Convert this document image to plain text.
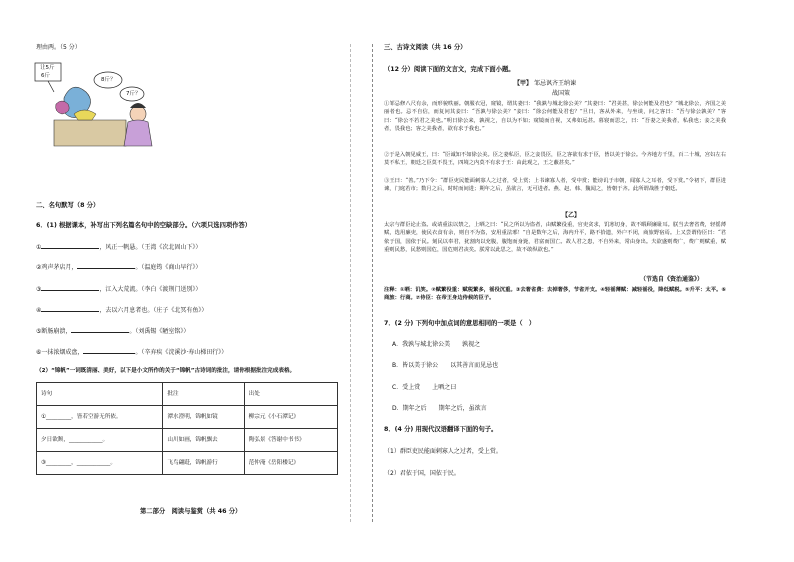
理由两。（5 分）
让5斤
6斤
8斤？
7斤？
二、名句默写（8 分）
6．(1) 根据课本，补写出下列名篇名句中的空缺部分。（六项只选四项作答）
①	，风正一帆悬。（王湾《次北固山下》）
②鸡声茅店月，	。（温庭筠《商山早行》）
③	，江入大荒流。（李白《渡荆门送别》）
④	，去以六月息者也。（庄子《北冥有鱼》）
⑤断肠崩溃，	。（刘禹锡《陋室铭》）
⑥一抹浓烟成盘，	。（辛弃疾《浣溪沙·寿山梯田行》）
（2）“锦帆”一词既清丽、美好，以下是小文所作的关于“锦帆”古诗词的批注，请你根据批注完成表格。
诗句	批注	出处
①_________，皆若空游无所依。	潭水澄明，锦帆如镜	柳宗元《小石潭记》
夕日欲颓，____________。	山川如画，锦帆飘去	陶弘景《答谢中书书》
③_________，____________。	飞鸟翩跹，锦帆游行	范仲淹《岳阳楼记》
第二部分　阅读与鉴赏（共 46 分）
三、古诗文阅读（共 16 分）
（12 分）阅读下面的文言文，完成下面小题。
【甲】 邹忌讽齐王纳谏
战国策
①邹忌修八尺有余，而形貌昳丽。朝服衣冠，窥镜，谓其妻曰：“我孰与城北徐公美？”其妻曰：“君美甚，徐公何能及君也？”城北徐公，齐国之美丽者也。忌不自信，而复问其妾曰：“吾孰与徐公美？”妾曰：“徐公何能及君也？”旦日，客从外来，与坐谈，问之客曰：“吾与徐公孰美？”客曰：“徐公不若君之美也。”明日徐公来，孰视之，自以为不如；窥镜而自视，又弗如远甚。暮寝而思之，曰：“吾妻之美我者，私我也；妾之美我者，畏我也；客之美我者，欲有求于我也。”
②于是入朝见威王，曰：“臣诚知不如徐公美。臣之妻私臣，臣之妾畏臣，臣之客欲有求于臣，皆以美于徐公。今齐地方千里，百二十城，宫妇左右莫不私王，朝廷之臣莫不畏王，四境之内莫不有求于王：由此观之，王之蔽甚矣。”
③王曰：“善。”乃下令：“群臣吏民能面刺寡人之过者，受上赏；上书谏寡人者，受中赏；能谤讥于市朝，闻寡人之耳者，受下赏。”令初下，群臣进谏，门庭若市；数月之后，时时而间进；期年之后，虽欲言，无可进者。燕、赵、韩、魏闻之，皆朝于齐。此所谓战胜于朝廷。
【乙】
太宗与群臣论止盗。或请重法以禁之，上哂之曰：“民之所以为盗者，由赋繁役重，官吏贪求，饥寒切身，故不暇顾廉耻耳。朕当去奢省费，轻徭薄赋，选用廉吏，使民衣食有余，则自不为盗，安用重法邪！”自是数年之后，海内升平，路不拾遗，外户不闭，商旅野宿焉。上又尝谓侍臣曰：“君依于国，国依于民。刻民以奉君，犹割肉以充腹，腹饱而身毙，君富而国亡。故人君之患，不自外来，常由身出。夫欲盛则费广，费广则赋重，赋重则民愁，民愁则国危，国危则君丧矣。朕常以此思之，故不敢纵欲也。”
（节选自《资治通鉴》）
注释：①哂：讥笑。②赋繁役重：赋税繁多，徭役沉重。③去奢省费：去掉奢侈，节省开支。④轻徭薄赋：减轻徭役，降低赋税。⑤升平：太平。⑥商旅：行商。⑦侍臣：在帝王身边侍候的臣子。
7．(2 分) 下列句中加点词的意思相同的一项是（　）
A．我孰与城北徐公美　　孰视之
B．皆以美于徐公　　以其善言而见忌也
C．受上赏　　上哂之曰
D．期年之后　　期年之后，虽欲言
8．(4 分) 用现代汉语翻译下面的句子。
（1）群臣吏民能面刺寡人之过者，受上赏。
（2）君依于国，国依于民。
